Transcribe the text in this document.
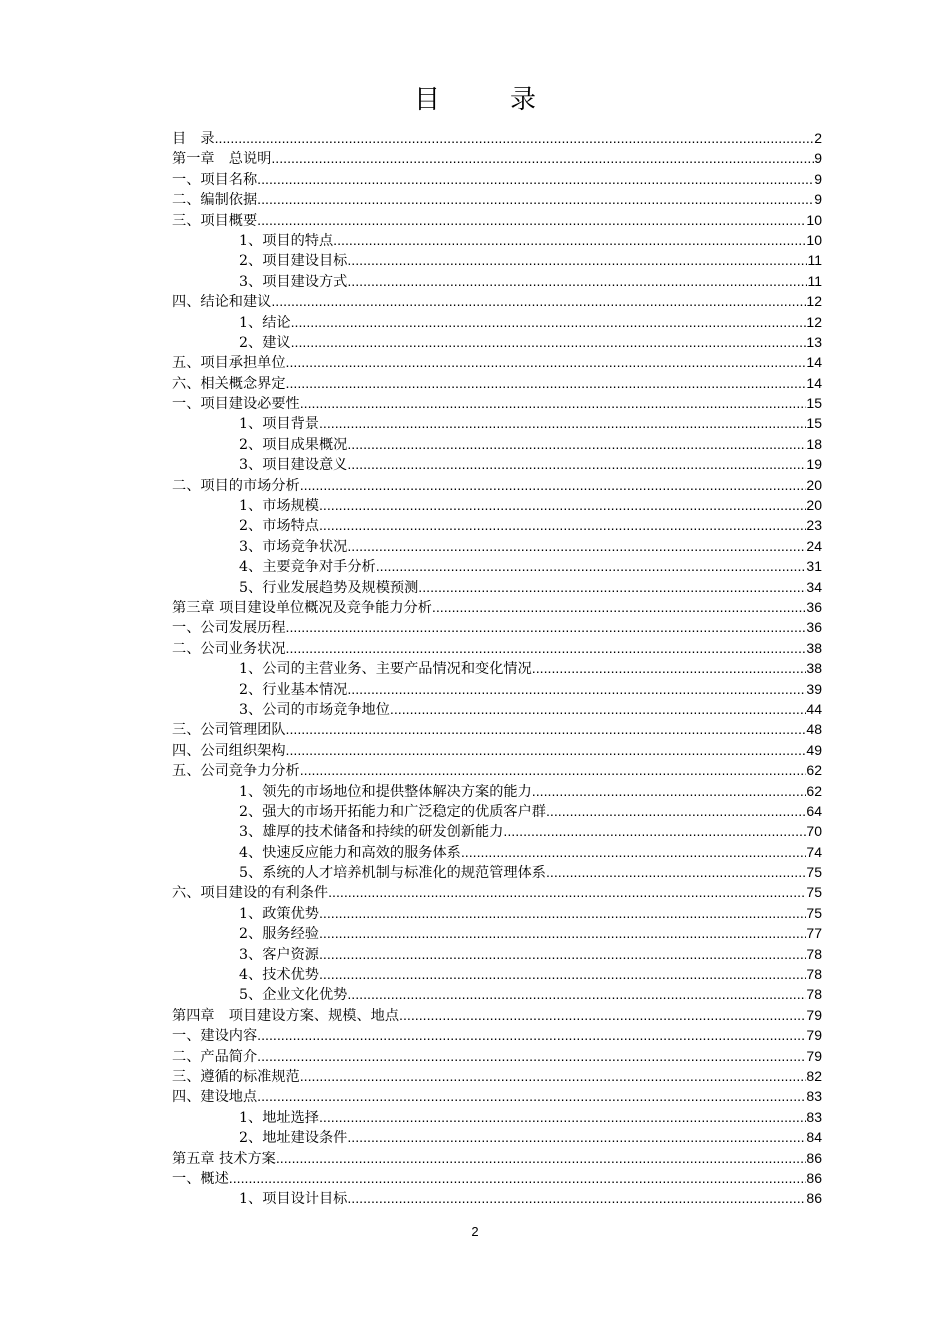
目　录
目　录 .....	2
第一章　总说明 .....	9
一、项目名称 .....	9
二、编制依据 .....	9
三、项目概要 .....	10
1、项目的特点 .....	10
2、项目建设目标 .....	11
3、项目建设方式 .....	11
四、结论和建议 .....	12
1、结论 .....	12
2、建议 .....	13
五、项目承担单位 .....	14
六、相关概念界定 .....	14
一、项目建设必要性 .....	15
1、项目背景 .....	15
2、项目成果概况 .....	18
3、项目建设意义 .....	19
二、项目的市场分析 .....	20
1、市场规模 .....	20
2、市场特点 .....	23
3、市场竞争状况 .....	24
4、主要竞争对手分析 .....	31
5、行业发展趋势及规模预测 .....	34
第三章 项目建设单位概况及竞争能力分析 .....	36
一、公司发展历程 .....	36
二、公司业务状况 .....	38
1、公司的主营业务、主要产品情况和变化情况 .....	38
2、行业基本情况 .....	39
3、公司的市场竞争地位 .....	44
三、公司管理团队 .....	48
四、公司组织架构 .....	49
五、公司竞争力分析 .....	62
1、领先的市场地位和提供整体解决方案的能力 .....	62
2、强大的市场开拓能力和广泛稳定的优质客户群 .....	64
3、雄厚的技术储备和持续的研发创新能力 .....	70
4、快速反应能力和高效的服务体系 .....	74
5、系统的人才培养机制与标准化的规范管理体系 .....	75
六、项目建设的有利条件 .....	75
1、政策优势 .....	75
2、服务经验 .....	77
3、客户资源 .....	78
4、技术优势 .....	78
5、企业文化优势 .....	78
第四章　项目建设方案、规模、地点 .....	79
一、建设内容 .....	79
二、产品简介 .....	79
三、遵循的标准规范 .....	82
四、建设地点 .....	83
1、地址选择 .....	83
2、地址建设条件 .....	84
第五章 技术方案 .....	86
一、概述 .....	86
1、项目设计目标 .....	86
2
